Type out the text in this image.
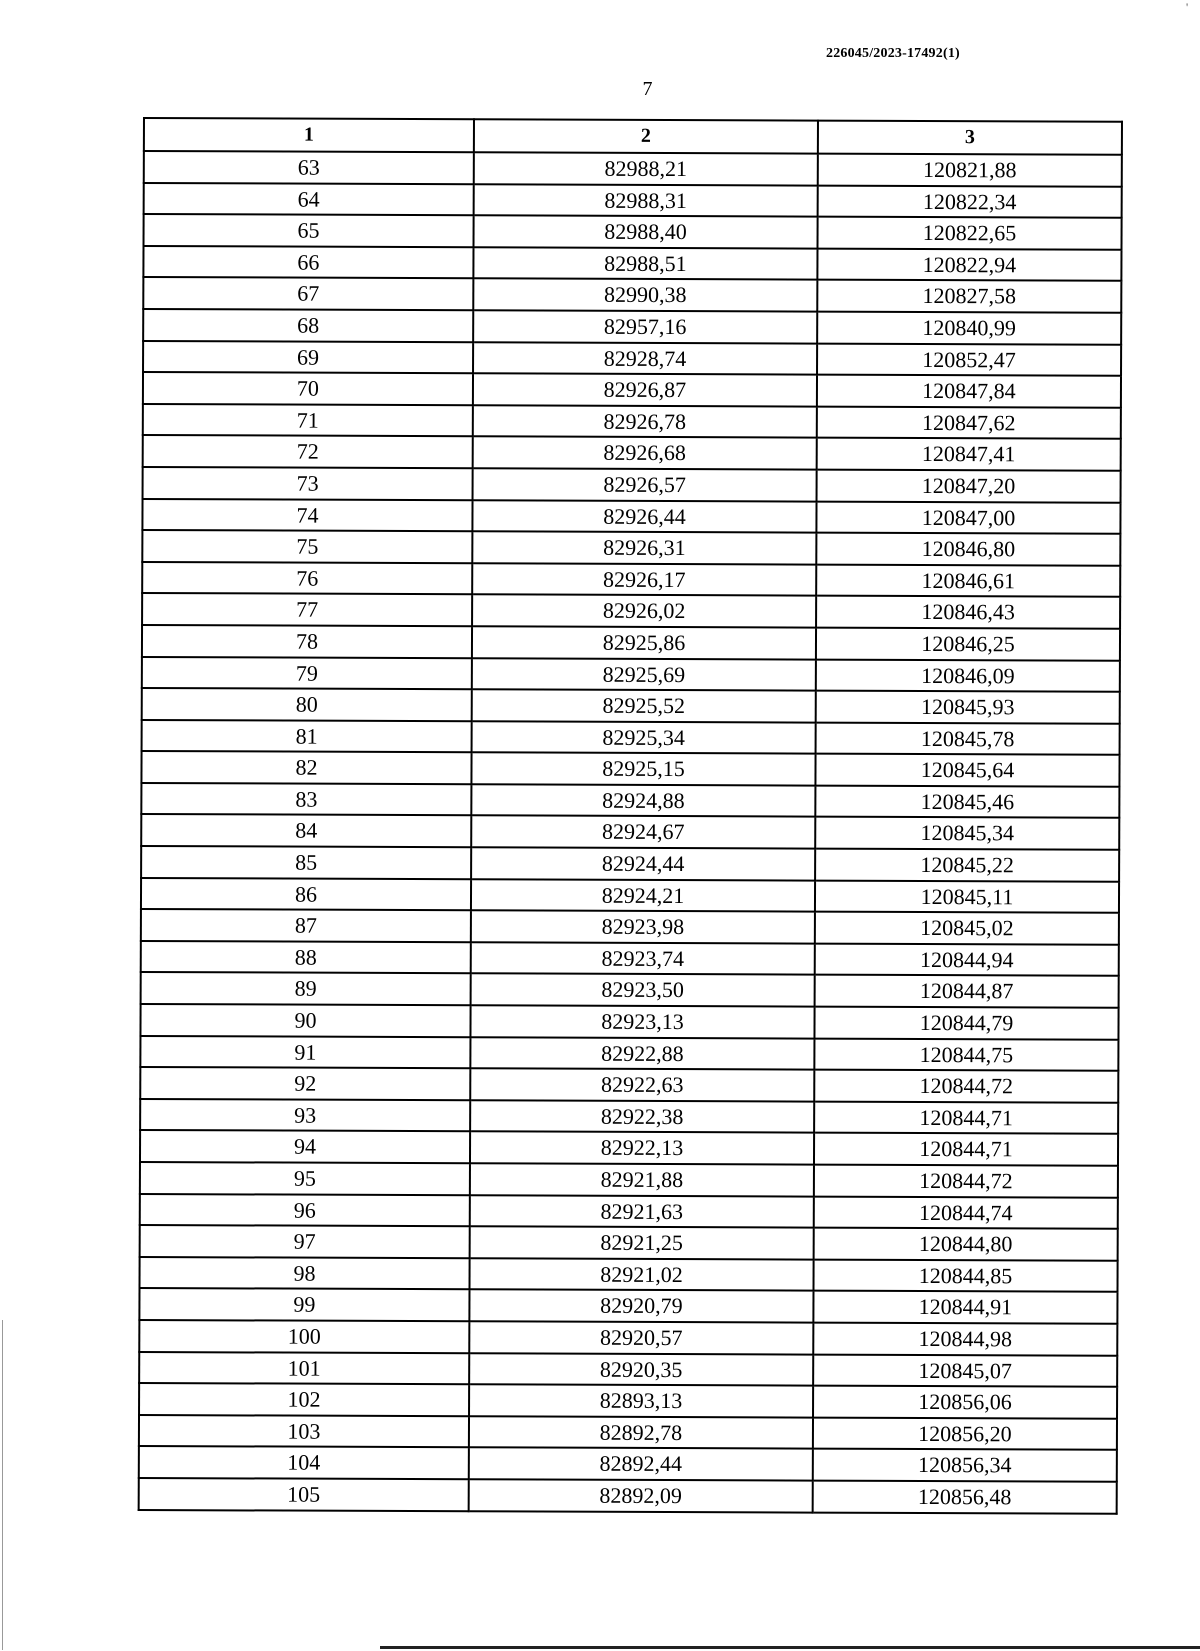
'
226045/2023-17492(1)
7
1	2	3
63	82988,21	120821,88
64	82988,31	120822,34
65	82988,40	120822,65
66	82988,51	120822,94
67	82990,38	120827,58
68	82957,16	120840,99
69	82928,74	120852,47
70	82926,87	120847,84
71	82926,78	120847,62
72	82926,68	120847,41
73	82926,57	120847,20
74	82926,44	120847,00
75	82926,31	120846,80
76	82926,17	120846,61
77	82926,02	120846,43
78	82925,86	120846,25
79	82925,69	120846,09
80	82925,52	120845,93
81	82925,34	120845,78
82	82925,15	120845,64
83	82924,88	120845,46
84	82924,67	120845,34
85	82924,44	120845,22
86	82924,21	120845,11
87	82923,98	120845,02
88	82923,74	120844,94
89	82923,50	120844,87
90	82923,13	120844,79
91	82922,88	120844,75
92	82922,63	120844,72
93	82922,38	120844,71
94	82922,13	120844,71
95	82921,88	120844,72
96	82921,63	120844,74
97	82921,25	120844,80
98	82921,02	120844,85
99	82920,79	120844,91
100	82920,57	120844,98
101	82920,35	120845,07
102	82893,13	120856,06
103	82892,78	120856,20
104	82892,44	120856,34
105	82892,09	120856,48
